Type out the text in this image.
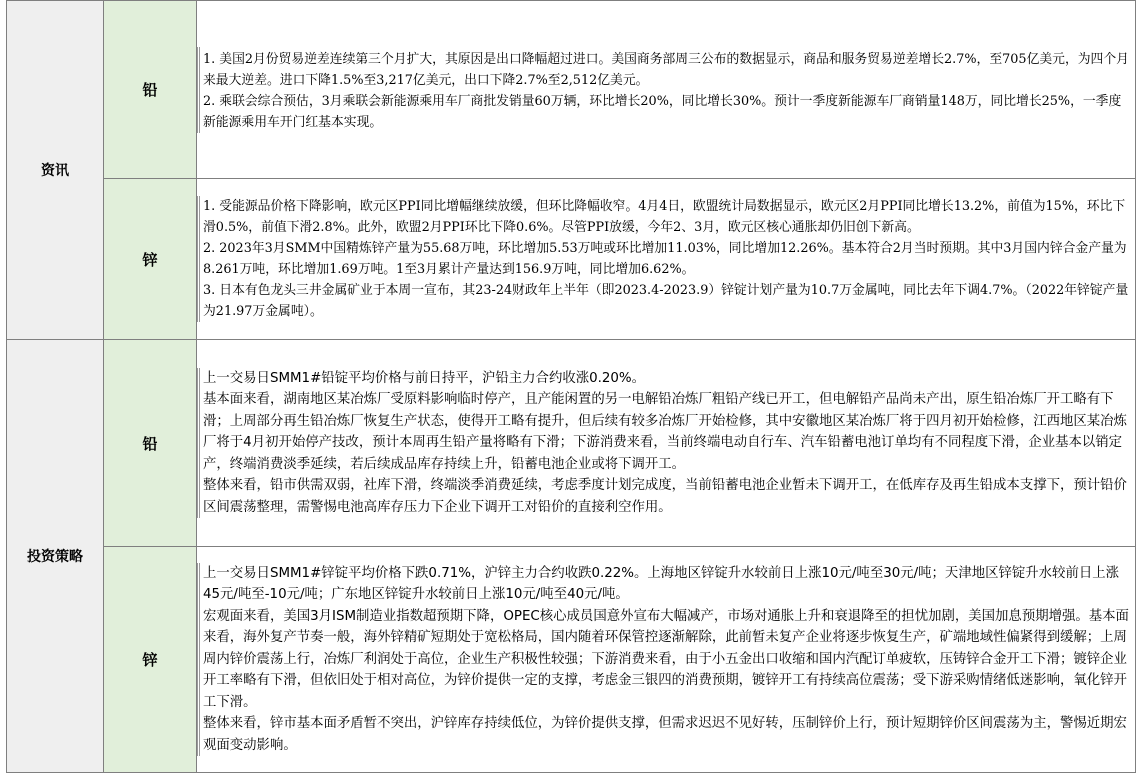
资讯	铅	1. 美国2月份贸易逆差连续第三个月扩大，其原因是出口降幅超过进口。美国商务部周三公布的数据显示，商品和服务贸易逆差增长2.7%，至705亿美元，为四个月来最大逆差。进口下降1.5%至3,217亿美元，出口下降2.7%至2,512亿美元。

2. 乘联会综合预估，3月乘联会新能源乘用车厂商批发销量60万辆，环比增长20%，同比增长30%。预计一季度新能源车厂商销量148万，同比增长25%，一季度新能源乘用车开门红基本实现。

	锌	1. 受能源品价格下降影响，欧元区PPI同比增幅继续放缓，但环比降幅收窄。4月4日，欧盟统计局数据显示，欧元区2月PPI同比增长13.2%，前值为15%，环比下滑0.5%，前值下滑2.8%。此外，欧盟2月PPI环比下降0.6%。尽管PPI放缓，今年2、3月，欧元区核心通胀却仍旧创下新高。

2. 2023年3月SMM中国精炼锌产量为55.68万吨，环比增加5.53万吨或环比增加11.03%，同比增加12.26%。基本符合2月当时预期。其中3月国内锌合金产量为8.261万吨，环比增加1.69万吨。1至3月累计产量达到156.9万吨，同比增加6.62%。

3. 日本有色龙头三井金属矿业于本周一宣布，其23-24财政年上半年（即2023.4-2023.9）锌锭计划产量为10.7万金属吨，同比去年下调4.7%。（2022年锌锭产量为21.97万金属吨）。

投资策略	铅	上一交易日SMM1#铅锭平均价格与前日持平，沪铅主力合约收涨0.20%。

基本面来看，湖南地区某冶炼厂受原料影响临时停产，且产能闲置的另一电解铅冶炼厂粗铅产线已开工，但电解铅产品尚未产出，原生铅冶炼厂开工略有下滑；上周部分再生铅冶炼厂恢复生产状态，使得开工略有提升，但后续有较多冶炼厂开始检修，其中安徽地区某冶炼厂将于四月初开始检修，江西地区某冶炼厂将于4月初开始停产技改，预计本周再生铅产量将略有下滑；下游消费来看，当前终端电动自行车、汽车铅蓄电池订单均有不同程度下滑，企业基本以销定产，终端消费淡季延续，若后续成品库存持续上升，铅蓄电池企业或将下调开工。

整体来看，铅市供需双弱，社库下滑，终端淡季消费延续，考虑季度计划完成度，当前铅蓄电池企业暂未下调开工，在低库存及再生铅成本支撑下，预计铅价区间震荡整理，需警惕电池高库存压力下企业下调开工对铅价的直接利空作用。

	锌	上一交易日SMM1#锌锭平均价格下跌0.71%，沪锌主力合约收跌0.22%。上海地区锌锭升水较前日上涨10元/吨至30元/吨；天津地区锌锭升水较前日上涨45元/吨至-10元/吨；广东地区锌锭升水较前日上涨10元/吨至40元/吨。

宏观面来看，美国3月ISM制造业指数超预期下降，OPEC核心成员国意外宣布大幅减产，市场对通胀上升和衰退降至的担忧加剧，美国加息预期增强。基本面来看，海外复产节奏一般，海外锌精矿短期处于宽松格局，国内随着环保管控逐渐解除，此前暂未复产企业将逐步恢复生产，矿端地域性偏紧得到缓解；上周周内锌价震荡上行，冶炼厂利润处于高位，企业生产积极性较强；下游消费来看，由于小五金出口收缩和国内汽配订单疲软，压铸锌合金开工下滑；镀锌企业开工率略有下滑，但依旧处于相对高位，为锌价提供一定的支撑，考虑金三银四的消费预期，镀锌开工有持续高位震荡；受下游采购情绪低迷影响，氧化锌开工下滑。

整体来看，锌市基本面矛盾暂不突出，沪锌库存持续低位，为锌价提供支撑，但需求迟迟不见好转，压制锌价上行，预计短期锌价区间震荡为主，警惕近期宏观面变动影响。
